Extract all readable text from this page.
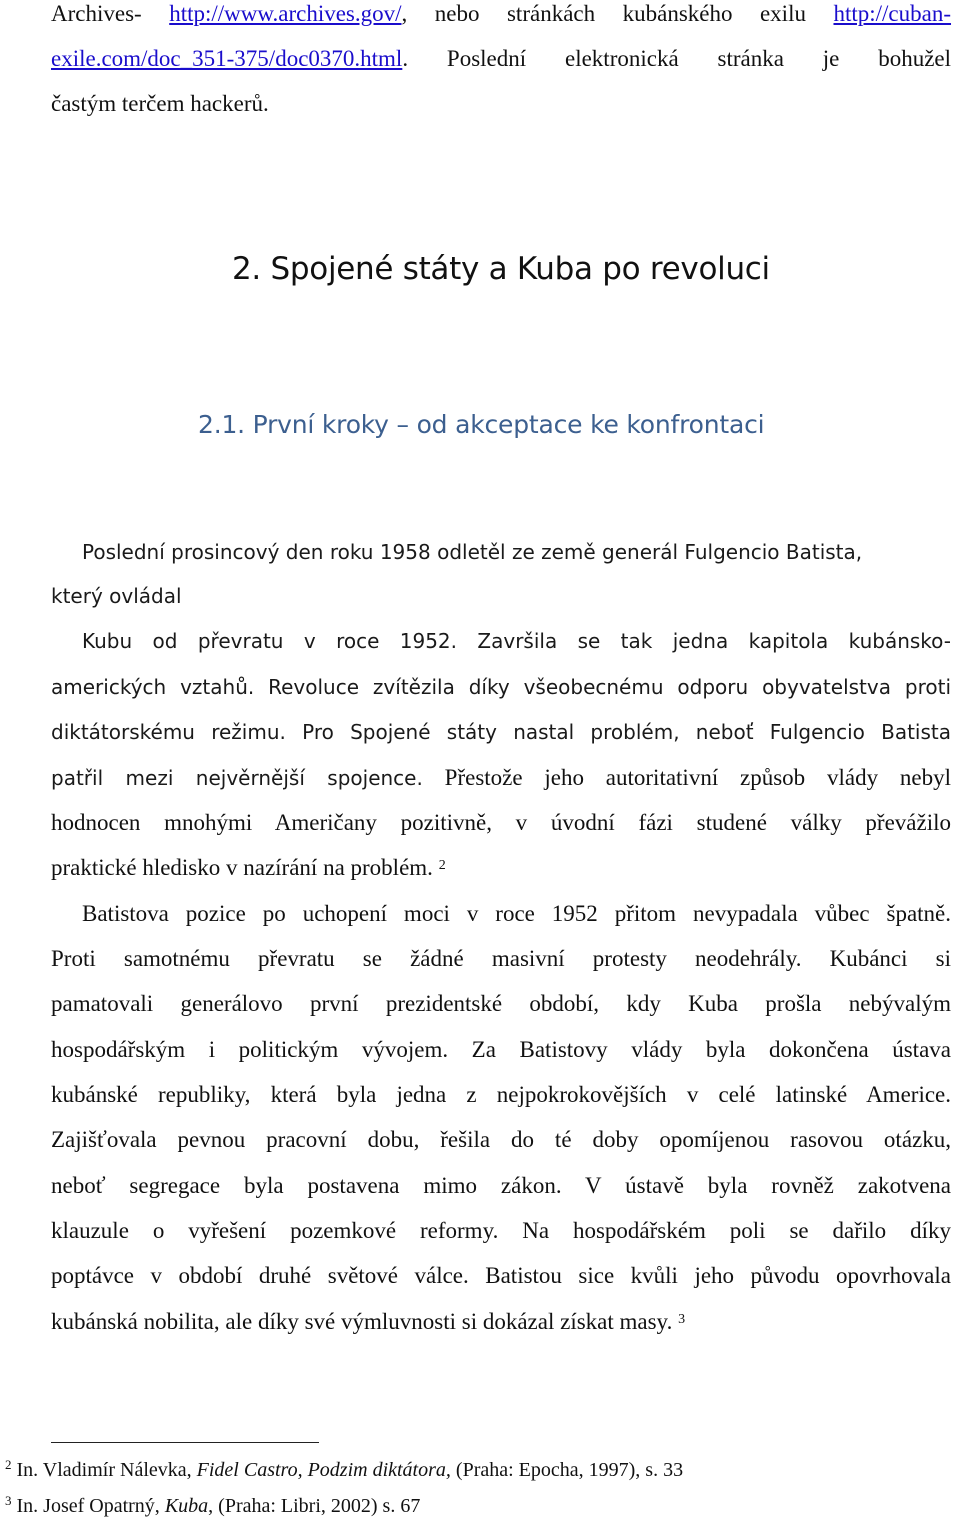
Archives- http://www.archives.gov/, nebo stránkách kubánského exilu http://cuban-
exile.com/doc_351-375/doc0370.html. Poslední elektronická stránka je bohužel
častým terčem hackerů.
2. Spojené státy a Kuba po revoluci
2.1. První kroky – od akceptace ke konfrontaci
Poslední prosincový den roku 1958 odletěl ze země generál Fulgencio Batista,
který ovládal
Kubu od převratu v roce 1952. Završila se tak jedna kapitola kubánsko-
amerických vztahů. Revoluce zvítězila díky všeobecnému odporu obyvatelstva proti
diktátorskému režimu. Pro Spojené státy nastal problém, neboť Fulgencio Batista
patřil mezi nejvěrnější spojence. Přestože jeho autoritativní způsob vlády nebyl
hodnocen mnohými Američany pozitivně, v úvodní fázi studené války převážilo
praktické hledisko v nazírání na problém. $^2$
Batistova pozice po uchopení moci v roce 1952 přitom nevypadala vůbec špatně.
Proti samotnému převratu se žádné masivní protesty neodehrály. Kubánci si
pamatovali generálovo první prezidentské období, kdy Kuba prošla nebývalým
hospodářským i politickým vývojem. Za Batistovy vlády byla dokončena ústava
kubánské republiky, která byla jedna z nejpokrokovějších v celé latinské Americe.
Zajišťovala pevnou pracovní dobu, řešila do té doby opomíjenou rasovou otázku,
neboť segregace byla postavena mimo zákon. V ústavě byla rovněž zakotvena
klauzule o vyřešení pozemkové reformy. Na hospodářském poli se dařilo díky
poptávce v období druhé světové válce. Batistou sice kvůli jeho původu opovrhovala
kubánská nobilita, ale díky své výmluvnosti si dokázal získat masy. $^3$
$^2$ In. Vladimír Nálevka, Fidel Castro, Podzim diktátora, (Praha: Epocha, 1997), s. 33
$^3$ In. Josef Opatrný, Kuba, (Praha: Libri, 2002) s. 67
